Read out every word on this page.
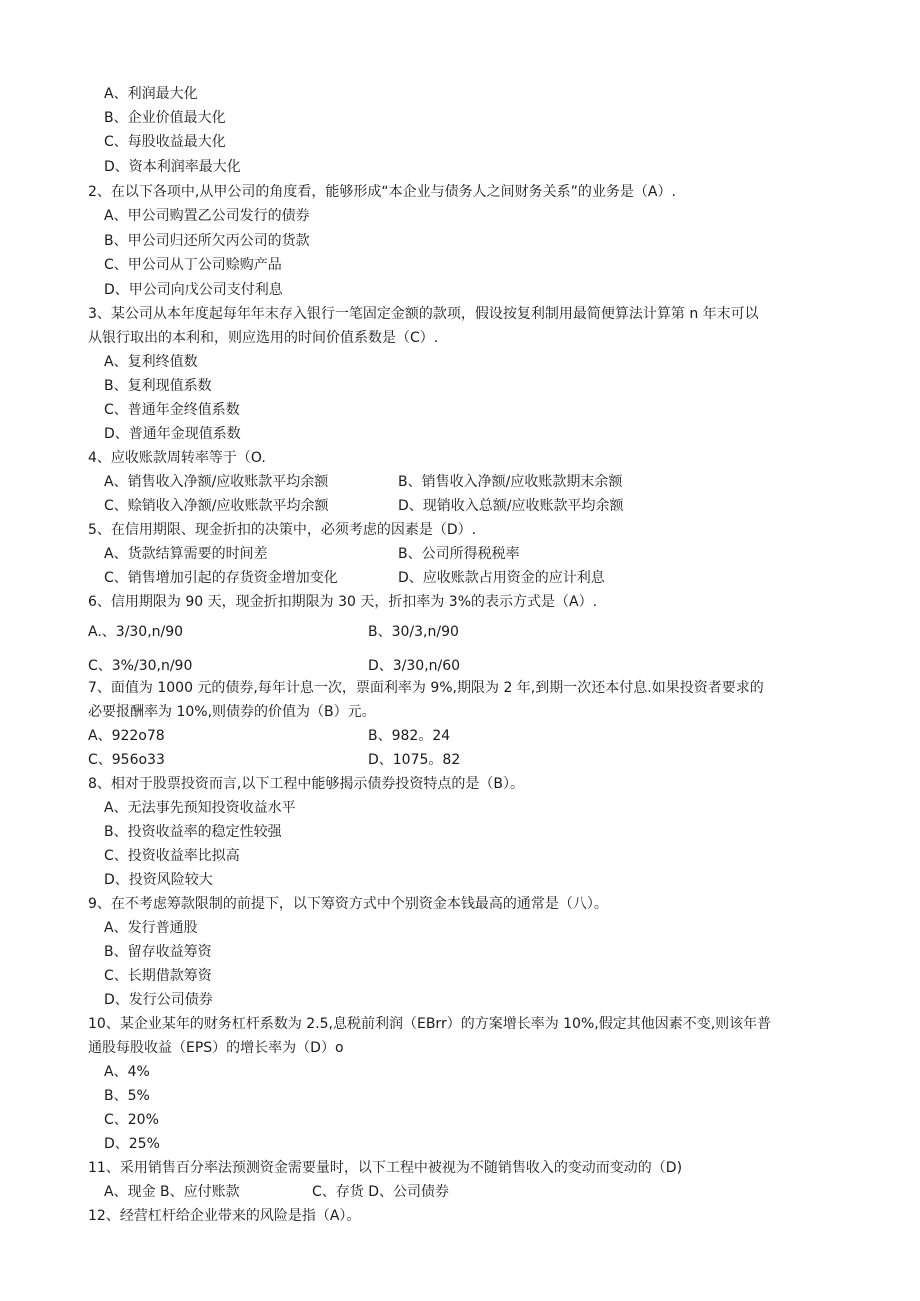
A、利润最大化
B、企业价值最大化
C、每股收益最大化
D、资本利润率最大化
2、在以下各项中,从甲公司的角度看，能够形成“本企业与债务人之间财务关系”的业务是（A）.
A、甲公司购置乙公司发行的债券
B、甲公司归还所欠丙公司的货款
C、甲公司从丁公司赊购产品
D、甲公司向戊公司支付利息
3、某公司从本年度起每年年末存入银行一笔固定金额的款项，假设按复利制用最简便算法计算第 n 年末可以
从银行取出的本利和，则应选用的时间价值系数是（C）.
A、复利终值数
B、复利现值系数
C、普通年金终值系数
D、普通年金现值系数
4、应收账款周转率等于（O.
A、销售收入净额/应收账款平均余额	B、销售收入净额/应收账款期末余额
C、赊销收入净额/应收账款平均余额	D、现销收入总额/应收账款平均余额
5、在信用期限、现金折扣的决策中，必须考虑的因素是（D）.
A、货款结算需要的时间差	B、公司所得税税率
C、销售增加引起的存货资金增加变化	D、应收账款占用资金的应计利息
6、信用期限为 90 天，现金折扣期限为 30 天，折扣率为 3%的表示方式是（A）.
A.、3/30,n/90	B、30/3,n/90
C、3%/30,n/90	D、3/30,n/60
7、面值为 1000 元的债券,每年计息一次，票面利率为 9%,期限为 2 年,到期一次还本付息.如果投资者要求的
必要报酬率为 10%,则债券的价值为（B）元。
A、922o78	B、982。24
C、956o33	D、1075。82
8、相对于股票投资而言,以下工程中能够揭示债券投资特点的是（B）。
A、无法事先预知投资收益水平
B、投资收益率的稳定性较强
C、投资收益率比拟高
D、投资风险较大
9、在不考虑筹款限制的前提下，以下筹资方式中个别资金本钱最高的通常是（八）。
A、发行普通股
B、留存收益筹资
C、长期借款筹资
D、发行公司债券
10、某企业某年的财务杠杆系数为 2.5,息税前利润（EBrr）的方案增长率为 10%,假定其他因素不变,则该年普
通股每股收益（EPS）的增长率为（D）o
A、4%
B、5%
C、20%
D、25%
11、采用销售百分率法预测资金需要量时，以下工程中被视为不随销售收入的变动而变动的（D)
A、现金 B、应付账款	C、存货 D、公司债券
12、经营杠杆给企业带来的风险是指（A）。
